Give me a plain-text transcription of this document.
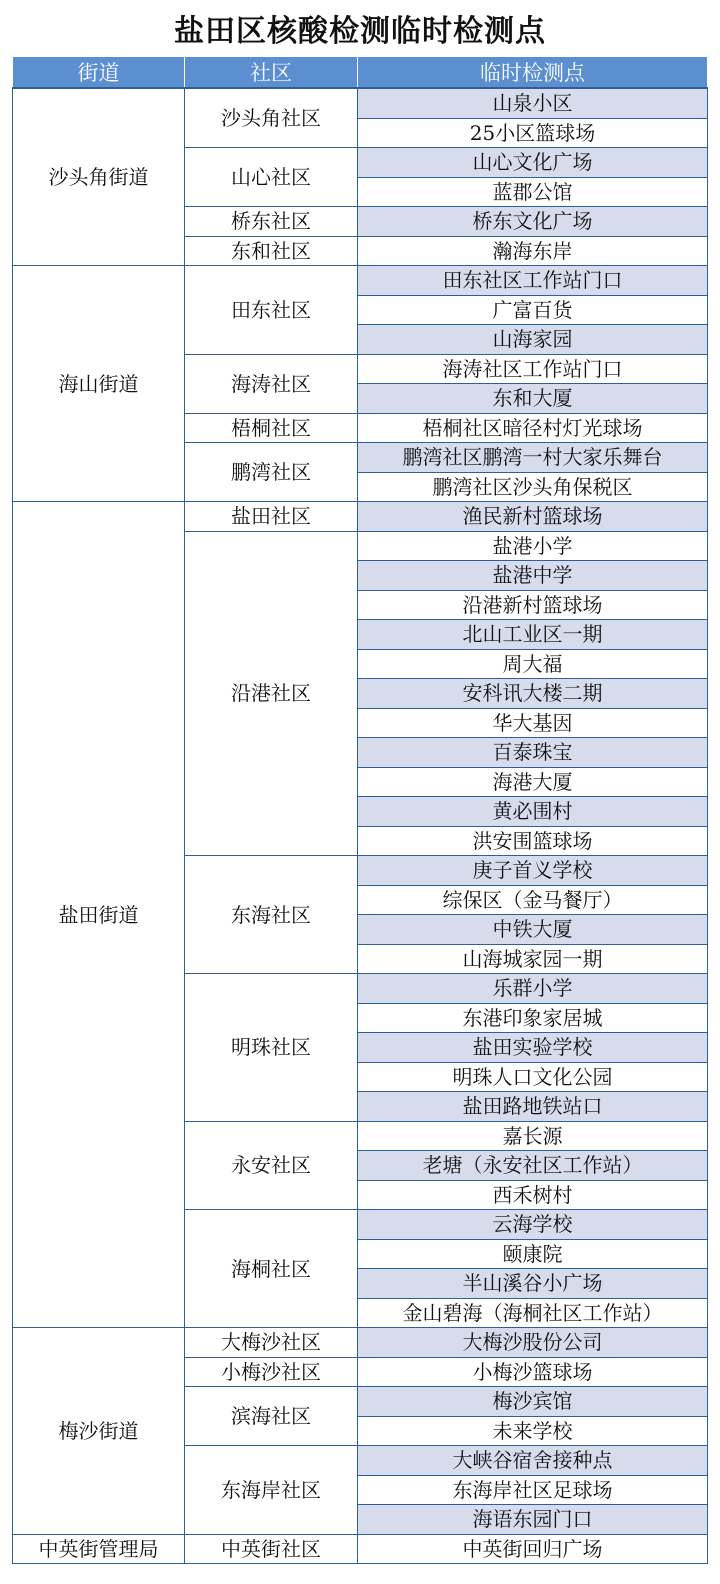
盐田区核酸检测临时检测点
街道	社区	临时检测点
沙头角街道	沙头角社区	山泉小区
		25小区篮球场
	山心社区	山心文化广场
		蓝郡公馆
	桥东社区	桥东文化广场
	东和社区	瀚海东岸
海山街道	田东社区	田东社区工作站门口
		广富百货
		山海家园
	海涛社区	海涛社区工作站门口
		东和大厦
	梧桐社区	梧桐社区暗径村灯光球场
	鹏湾社区	鹏湾社区鹏湾一村大家乐舞台
		鹏湾社区沙头角保税区
盐田街道	盐田社区	渔民新村篮球场
	沿港社区	盐港小学
		盐港中学
		沿港新村篮球场
		北山工业区一期
		周大福
		安科讯大楼二期
		华大基因
		百泰珠宝
		海港大厦
		黄必围村
		洪安围篮球场
	东海社区	庚子首义学校
		综保区（金马餐厅）
		中铁大厦
		山海城家园一期
	明珠社区	乐群小学
		东港印象家居城
		盐田实验学校
		明珠人口文化公园
		盐田路地铁站口
	永安社区	嘉长源
		老塘（永安社区工作站）
		西禾树村
	海桐社区	云海学校
		颐康院
		半山溪谷小广场
		金山碧海（海桐社区工作站）
梅沙街道	大梅沙社区	大梅沙股份公司
	小梅沙社区	小梅沙篮球场
	滨海社区	梅沙宾馆
		未来学校
	东海岸社区	大峡谷宿舍接种点
		东海岸社区足球场
		海语东园门口
中英街管理局	中英街社区	中英街回归广场
